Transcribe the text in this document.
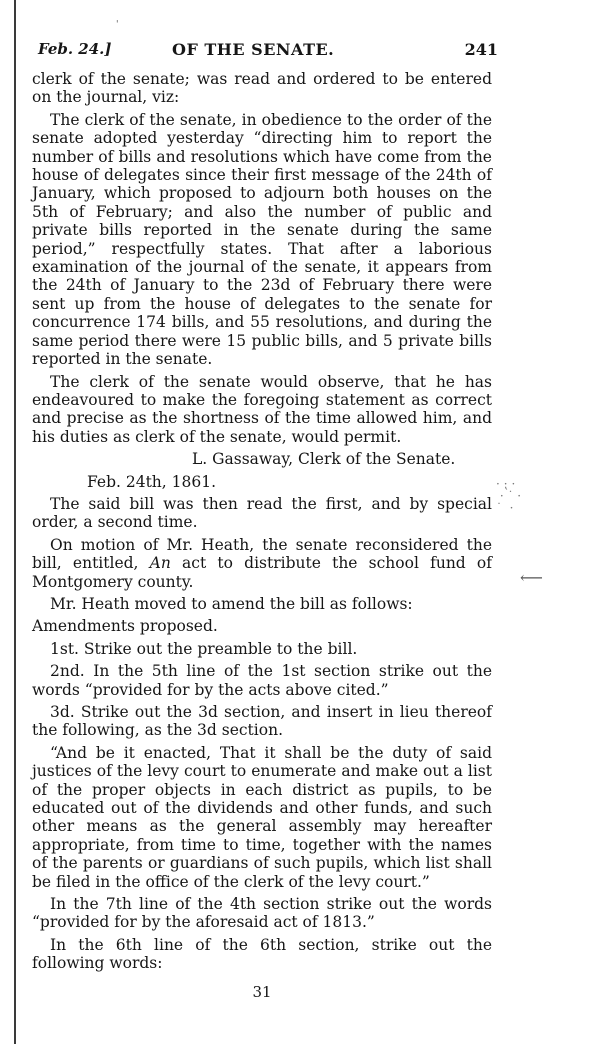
'
Feb. 24.]	OF THE SENATE.	241

clerk of the senate; was read and ordered to be entered on the journal, viz:

The clerk of the senate, in obedience to the order of the senate adopted yesterday “directing him to report the number of bills and resolutions which have come from the house of delegates since their first message of the 24th of January, which proposed to adjourn both houses on the 5th of February; and also the number of public and private bills reported in the senate during the same period,” respectfully states. That after a laborious examination of the journal of the senate, it appears from the 24th of January to the 23d of February there were sent up from the house of delegates to the senate for concurrence 174 bills, and 55 resolutions, and during the same period there were 15 public bills, and 5 private bills reported in the senate.

The clerk of the senate would observe, that he has endeavoured to make the foregoing statement as correct and precise as the shortness of the time allowed him, and his duties as clerk of the senate, would permit.

L. Gassaway, Clerk of the Senate.

Feb. 24th, 1861.

The said bill was then read the first, and by special order, a second time.

On motion of Mr. Heath, the senate reconsidered the bill, entitled, An act to distribute the school fund of Montgomery county.

Mr. Heath moved to amend the bill as follows:

Amendments proposed.

1st. Strike out the preamble to the bill.

2nd. In the 5th line of the 1st section strike out the words “provided for by the acts above cited.”

3d. Strike out the 3d section, and insert in lieu thereof the following, as the 3d section.

“And be it enacted, That it shall be the duty of said justices of the levy court to enumerate and make out a list of the proper objects in each district as pupils, to be educated out of the dividends and other funds, and such other means as the general assembly may hereafter appropriate, from time to time, together with the names of the parents or guardians of such pupils, which list shall be filed in the office of the clerk of the levy court.”

In the 7th line of the 4th section strike out the words “provided for by the aforesaid act of 1813.”

In the 6th line of the 6th section, strike out the following words:

31
· ⁏ ·
· ˙ ·
˙  ·
⟵
